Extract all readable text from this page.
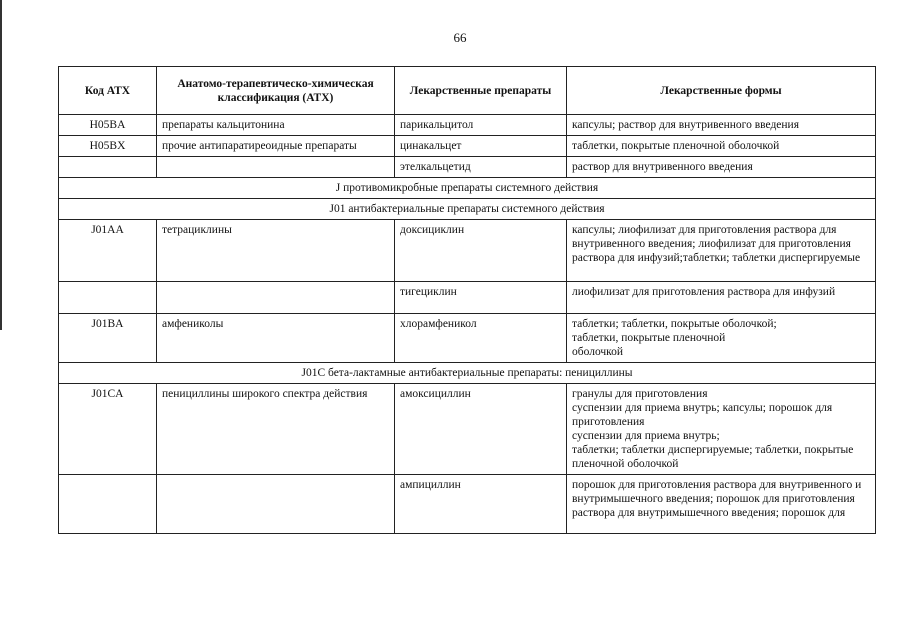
66
Код АТХ	Анатомо-терапевтическо-химическая классификация (АТХ)	Лекарственные препараты	Лекарственные формы
H05BA	препараты кальцитонина	парикальцитол	капсулы; раствор для внутривенного введения

H05BX	прочие антипаратиреоидные препараты	цинакальцет	таблетки, покрытые пленочной оболочкой

		этелкальцетид	раствор для внутривенного введения

J противомикробные препараты системного действия			
J01 антибактериальные препараты системного действия			
J01AA	тетрациклины	доксициклин	капсулы; лиофилизат для приготовления раствора для внутривенного введения; лиофилизат для приготовления раствора для инфузий;таблетки; таблетки диспергируемые

		тигециклин	лиофилизат для приготовления раствора для инфузий

J01BA	амфениколы	хлорамфеникол	таблетки; таблетки, покрытые оболочкой;
таблетки, покрытые пленочной
оболочкой

J01C бета-лактамные антибактериальные препараты: пенициллины			
J01CA	пенициллины широкого спектра действия	амоксициллин	гранулы для приготовления
суспензии для приема внутрь; капсулы; порошок для приготовления
суспензии для приема внутрь;
таблетки; таблетки диспергируемые; таблетки, покрытые пленочной оболочкой

		ампициллин	порошок для приготовления раствора для внутривенного и внутримышечного введения; порошок для приготовления раствора для внутримышечного введения; порошок для
